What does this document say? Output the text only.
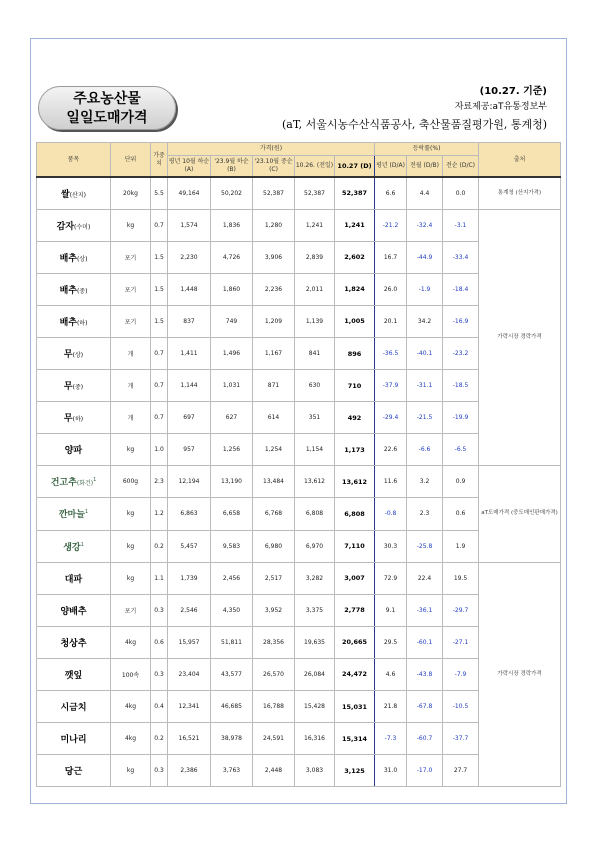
주요농산물
일일도매가격
(10.27. 기준)
자료제공:aT유통정보부
(aT, 서울시농수산식품공사, 축산물품질평가원, 통계청)
품목	단위	가중치	가격(원)					등락률(%)			출처
			평년 10월 하순(A)	'23.9월 하순(B)	'23.10월 중순(C)	10.26. (전일)	10.27 (D)	평년 (D/A)	전월 (D/B)	전순 (D/C)	
쌀(산지)	20kg	5.5	49,164	50,202	52,387	52,387	52,387	6.6	4.4	0.0	통계청 (산지가격)
감자(수미)	kg	0.7	1,574	1,836	1,280	1,241	1,241	-21.2	-32.4	-3.1	가락시장 경락가격
배추(상)	포기	1.5	2,230	4,726	3,906	2,839	2,602	16.7	-44.9	-33.4	
배추(중)	포기	1.5	1,448	1,860	2,236	2,011	1,824	26.0	-1.9	-18.4	
배추(하)	포기	1.5	837	749	1,209	1,139	1,005	20.1	34.2	-16.9	
무(상)	개	0.7	1,411	1,496	1,167	841	896	-36.5	-40.1	-23.2	
무(중)	개	0.7	1,144	1,031	871	630	710	-37.9	-31.1	-18.5	
무(하)	개	0.7	697	627	614	351	492	-29.4	-21.5	-19.9	
양파	kg	1.0	957	1,256	1,254	1,154	1,173	22.6	-6.6	-6.5	
건고추(화건)$^1$	600g	2.3	12,194	13,190	13,484	13,612	13,612	11.6	3.2	0.9	aT도매가격 (중도매인판매가격)
깐마늘$^1$	kg	1.2	6,863	6,658	6,768	6,808	6,808	-0.8	2.3	0.6	
생강$^1$	kg	0.2	5,457	9,583	6,980	6,970	7,110	30.3	-25.8	1.9	
대파	kg	1.1	1,739	2,456	2,517	3,282	3,007	72.9	22.4	19.5	가락시장 경락가격
양배추	포기	0.3	2,546	4,350	3,952	3,375	2,778	9.1	-36.1	-29.7	
청상추	4kg	0.6	15,957	51,811	28,356	19,635	20,665	29.5	-60.1	-27.1	
깻잎	100속	0.3	23,404	43,577	26,570	26,084	24,472	4.6	-43.8	-7.9	
시금치	4kg	0.4	12,341	46,685	16,788	15,428	15,031	21.8	-67.8	-10.5	
미나리	4kg	0.2	16,521	38,978	24,591	16,316	15,314	-7.3	-60.7	-37.7	
당근	kg	0.3	2,386	3,763	2,448	3,083	3,125	31.0	-17.0	27.7	
